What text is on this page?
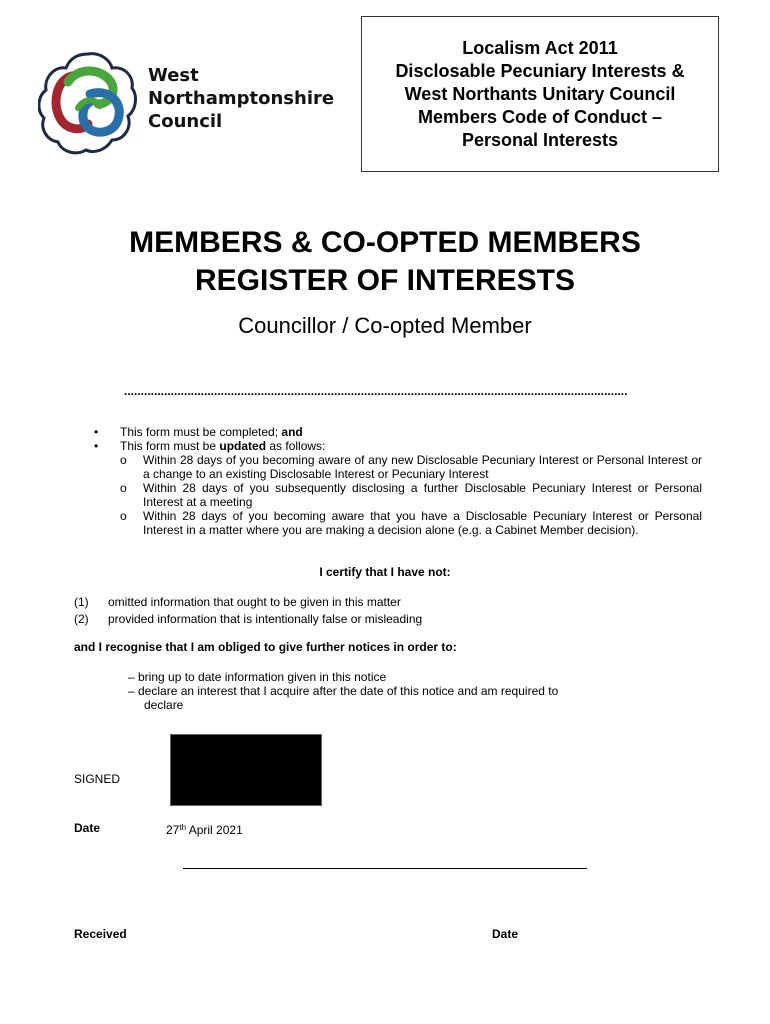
West
Northamptonshire
Council
Localism Act 2011
Disclosable Pecuniary Interests &
West Northants Unitary Council
Members Code of Conduct –
Personal Interests
MEMBERS & CO-OPTED MEMBERS
REGISTER OF INTERESTS
Councillor / Co-opted Member
.......................................................................................................................................................
• This form must be completed; and
• This form must be updated as follows:
o Within 28 days of you becoming aware of any new Disclosable Pecuniary Interest or Personal Interest or a change to an existing Disclosable Interest or Pecuniary Interest
o Within 28 days of you subsequently disclosing a further Disclosable Pecuniary Interest or Personal Interest at a meeting
o Within 28 days of you becoming aware that you have a Disclosable Pecuniary Interest or Personal Interest in a matter where you are making a decision alone (e.g. a Cabinet Member decision).
I certify that I have not:
(1) omitted information that ought to be given in this matter
(2) provided information that is intentionally false or misleading
and I recognise that I am obliged to give further notices in order to:
– bring up to date information given in this notice
– declare an interest that I acquire after the date of this notice and am required to
declare
SIGNED
Date	27th April 2021
Received	Date
